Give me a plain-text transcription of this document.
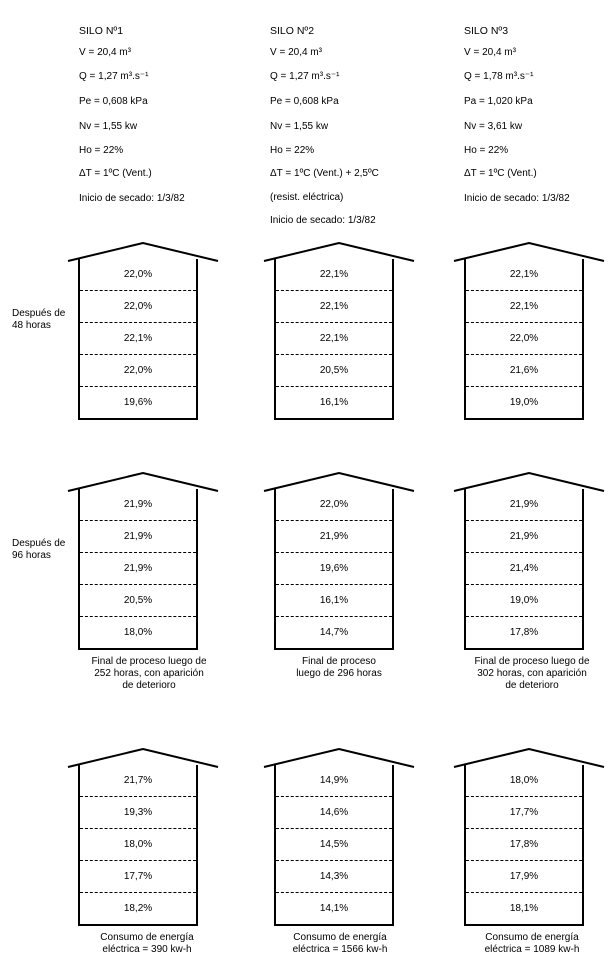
SILO Nº1
V = 20,4 m³
Q = 1,27 m³.s⁻¹
Pe = 0,608 kPa
Nv = 1,55 kw
Ho = 22%
ΔT = 1ºC (Vent.)
Inicio de secado: 1/3/82
SILO Nº2
V = 20,4 m³
Q = 1,27 m³.s⁻¹
Pe = 0,608 kPa
Nv = 1,55 kw
Ho = 22%
ΔT = 1ºC (Vent.) + 2,5ºC
(resist. eléctrica)
Inicio de secado: 1/3/82
SILO Nº3
V = 20,4 m³
Q = 1,78 m³.s⁻¹
Pa = 1,020 kPa
Nv = 3,61 kw
Ho = 22%
ΔT = 1ºC (Vent.)
Inicio de secado: 1/3/82
Después de
48 horas
Después de
96 horas
22,0%
22,0%
22,1%
22,0%
19,6%
22,1%
22,1%
22,1%
20,5%
16,1%
22,1%
22,1%
22,0%
21,6%
19,0%
21,9%
21,9%
21,9%
20,5%
18,0%
22,0%
21,9%
19,6%
16,1%
14,7%
21,9%
21,9%
21,4%
19,0%
17,8%
Final de proceso luego de
252 horas, con aparición
de deterioro
Final de proceso
luego de 296 horas
Final de proceso luego de
302 horas, con aparición
de deterioro
21,7%
19,3%
18,0%
17,7%
18,2%
14,9%
14,6%
14,5%
14,3%
14,1%
18,0%
17,7%
17,8%
17,9%
18,1%
Consumo de energía
eléctrica = 390 kw-h
Consumo de energía
eléctrica = 1566 kw-h
Consumo de energía
eléctrica = 1089 kw-h
